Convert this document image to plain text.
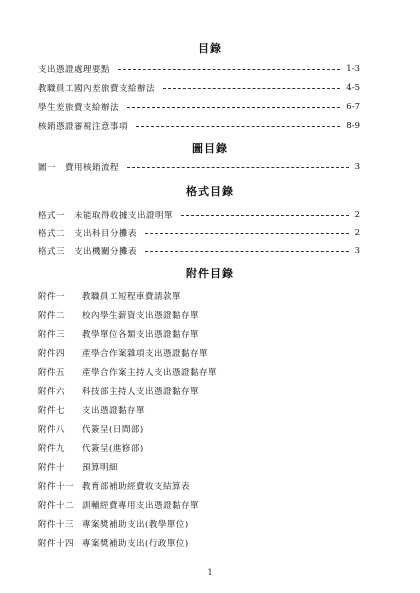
目錄
支出憑證處理要點	1-3
教職員工國內差旅費支給辦法	4-5
學生差旅費支給辦法	6-7
核銷憑證審視注意事項	8-9
圖目錄
圖一　費用核銷流程	3
格式目錄
格式一　未能取得收據支出證明單	2
格式二　支出科目分攤表	2
格式三　支出機關分攤表	3
附件目錄
附件一 教職員工短程車費請款單
附件二 校內學生薪資支出憑證黏存單
附件三 教學單位各類支出憑證黏存單
附件四 產學合作案雜項支出憑證黏存單
附件五 產學合作案主持人支出憑證黏存單
附件六 科技部主持人支出憑證黏存單
附件七 支出憑證黏存單
附件八 代簽呈(日間部)
附件九 代簽呈(進修部)
附件十 預算明細
附件十一 教育部補助經費收支結算表
附件十二 訓輔經費專用支出憑證黏存單
附件十三 專案獎補助支出(教學單位)
附件十四 專案獎補助支出(行政單位)
1
